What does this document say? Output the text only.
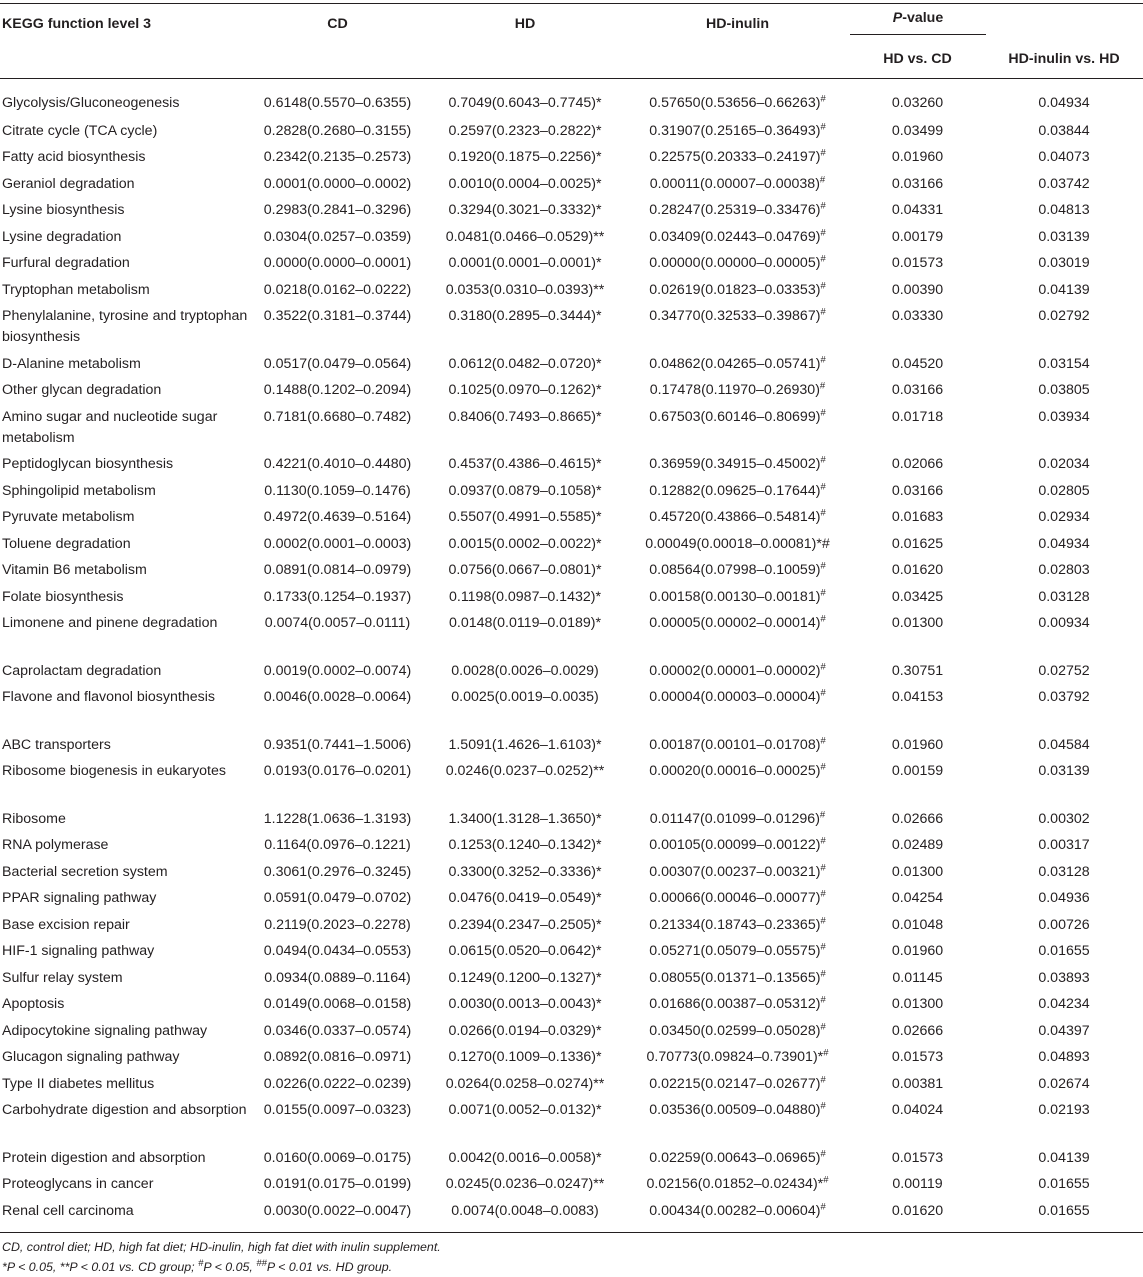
KEGG function level 3	CD	HD	HD-inulin	P-value	
				HD vs. CD	HD-inulin vs. HD
Glycolysis/Gluconeogenesis	0.6148(0.5570–0.6355)	0.7049(0.6043–0.7745)*	0.57650(0.53656–0.66263)#	0.03260	0.04934
Citrate cycle (TCA cycle)	0.2828(0.2680–0.3155)	0.2597(0.2323–0.2822)*	0.31907(0.25165–0.36493)#	0.03499	0.03844
Fatty acid biosynthesis	0.2342(0.2135–0.2573)	0.1920(0.1875–0.2256)*	0.22575(0.20333–0.24197)#	0.01960	0.04073
Geraniol degradation	0.0001(0.0000–0.0002)	0.0010(0.0004–0.0025)*	0.00011(0.00007–0.00038)#	0.03166	0.03742
Lysine biosynthesis	0.2983(0.2841–0.3296)	0.3294(0.3021–0.3332)*	0.28247(0.25319–0.33476)#	0.04331	0.04813
Lysine degradation	0.0304(0.0257–0.0359)	0.0481(0.0466–0.0529)**	0.03409(0.02443–0.04769)#	0.00179	0.03139
Furfural degradation	0.0000(0.0000–0.0001)	0.0001(0.0001–0.0001)*	0.00000(0.00000–0.00005)#	0.01573	0.03019
Tryptophan metabolism	0.0218(0.0162–0.0222)	0.0353(0.0310–0.0393)**	0.02619(0.01823–0.03353)#	0.00390	0.04139
Phenylalanine, tyrosine and tryptophan biosynthesis	0.3522(0.3181–0.3744)	0.3180(0.2895–0.3444)*	0.34770(0.32533–0.39867)#	0.03330	0.02792
D-Alanine metabolism	0.0517(0.0479–0.0564)	0.0612(0.0482–0.0720)*	0.04862(0.04265–0.05741)#	0.04520	0.03154
Other glycan degradation	0.1488(0.1202–0.2094)	0.1025(0.0970–0.1262)*	0.17478(0.11970–0.26930)#	0.03166	0.03805
Amino sugar and nucleotide sugar metabolism	0.7181(0.6680–0.7482)	0.8406(0.7493–0.8665)*	0.67503(0.60146–0.80699)#	0.01718	0.03934
Peptidoglycan biosynthesis	0.4221(0.4010–0.4480)	0.4537(0.4386–0.4615)*	0.36959(0.34915–0.45002)#	0.02066	0.02034
Sphingolipid metabolism	0.1130(0.1059–0.1476)	0.0937(0.0879–0.1058)*	0.12882(0.09625–0.17644)#	0.03166	0.02805
Pyruvate metabolism	0.4972(0.4639–0.5164)	0.5507(0.4991–0.5585)*	0.45720(0.43866–0.54814)#	0.01683	0.02934
Toluene degradation	0.0002(0.0001–0.0003)	0.0015(0.0002–0.0022)*	0.00049(0.00018–0.00081)*#	0.01625	0.04934
Vitamin B6 metabolism	0.0891(0.0814–0.0979)	0.0756(0.0667–0.0801)*	0.08564(0.07998–0.10059)#	0.01620	0.02803
Folate biosynthesis	0.1733(0.1254–0.1937)	0.1198(0.0987–0.1432)*	0.00158(0.00130–0.00181)#	0.03425	0.03128
Limonene and pinene degradation	0.0074(0.0057–0.0111)	0.0148(0.0119–0.0189)*	0.00005(0.00002–0.00014)#	0.01300	0.00934
Caprolactam degradation	0.0019(0.0002–0.0074)	0.0028(0.0026–0.0029)	0.00002(0.00001–0.00002)#	0.30751	0.02752
Flavone and flavonol biosynthesis	0.0046(0.0028–0.0064)	0.0025(0.0019–0.0035)	0.00004(0.00003–0.00004)#	0.04153	0.03792
ABC transporters	0.9351(0.7441–1.5006)	1.5091(1.4626–1.6103)*	0.00187(0.00101–0.01708)#	0.01960	0.04584
Ribosome biogenesis in eukaryotes	0.0193(0.0176–0.0201)	0.0246(0.0237–0.0252)**	0.00020(0.00016–0.00025)#	0.00159	0.03139
Ribosome	1.1228(1.0636–1.3193)	1.3400(1.3128–1.3650)*	0.01147(0.01099–0.01296)#	0.02666	0.00302
RNA polymerase	0.1164(0.0976–0.1221)	0.1253(0.1240–0.1342)*	0.00105(0.00099–0.00122)#	0.02489	0.00317
Bacterial secretion system	0.3061(0.2976–0.3245)	0.3300(0.3252–0.3336)*	0.00307(0.00237–0.00321)#	0.01300	0.03128
PPAR signaling pathway	0.0591(0.0479–0.0702)	0.0476(0.0419–0.0549)*	0.00066(0.00046–0.00077)#	0.04254	0.04936
Base excision repair	0.2119(0.2023–0.2278)	0.2394(0.2347–0.2505)*	0.21334(0.18743–0.23365)#	0.01048	0.00726
HIF-1 signaling pathway	0.0494(0.0434–0.0553)	0.0615(0.0520–0.0642)*	0.05271(0.05079–0.05575)#	0.01960	0.01655
Sulfur relay system	0.0934(0.0889–0.1164)	0.1249(0.1200–0.1327)*	0.08055(0.01371–0.13565)#	0.01145	0.03893
Apoptosis	0.0149(0.0068–0.0158)	0.0030(0.0013–0.0043)*	0.01686(0.00387–0.05312)#	0.01300	0.04234
Adipocytokine signaling pathway	0.0346(0.0337–0.0574)	0.0266(0.0194–0.0329)*	0.03450(0.02599–0.05028)#	0.02666	0.04397
Glucagon signaling pathway	0.0892(0.0816–0.0971)	0.1270(0.1009–0.1336)*	0.70773(0.09824–0.73901)*#	0.01573	0.04893
Type II diabetes mellitus	0.0226(0.0222–0.0239)	0.0264(0.0258–0.0274)**	0.02215(0.02147–0.02677)#	0.00381	0.02674
Carbohydrate digestion and absorption	0.0155(0.0097–0.0323)	0.0071(0.0052–0.0132)*	0.03536(0.00509–0.04880)#	0.04024	0.02193
Protein digestion and absorption	0.0160(0.0069–0.0175)	0.0042(0.0016–0.0058)*	0.02259(0.00643–0.06965)#	0.01573	0.04139
Proteoglycans in cancer	0.0191(0.0175–0.0199)	0.0245(0.0236–0.0247)**	0.02156(0.01852–0.02434)*#	0.00119	0.01655
Renal cell carcinoma	0.0030(0.0022–0.0047)	0.0074(0.0048–0.0083)	0.00434(0.00282–0.00604)#	0.01620	0.01655
CD, control diet; HD, high fat diet; HD-inulin, high fat diet with inulin supplement.
*P < 0.05, **P < 0.01 vs. CD group; #P < 0.05, ##P < 0.01 vs. HD group.
